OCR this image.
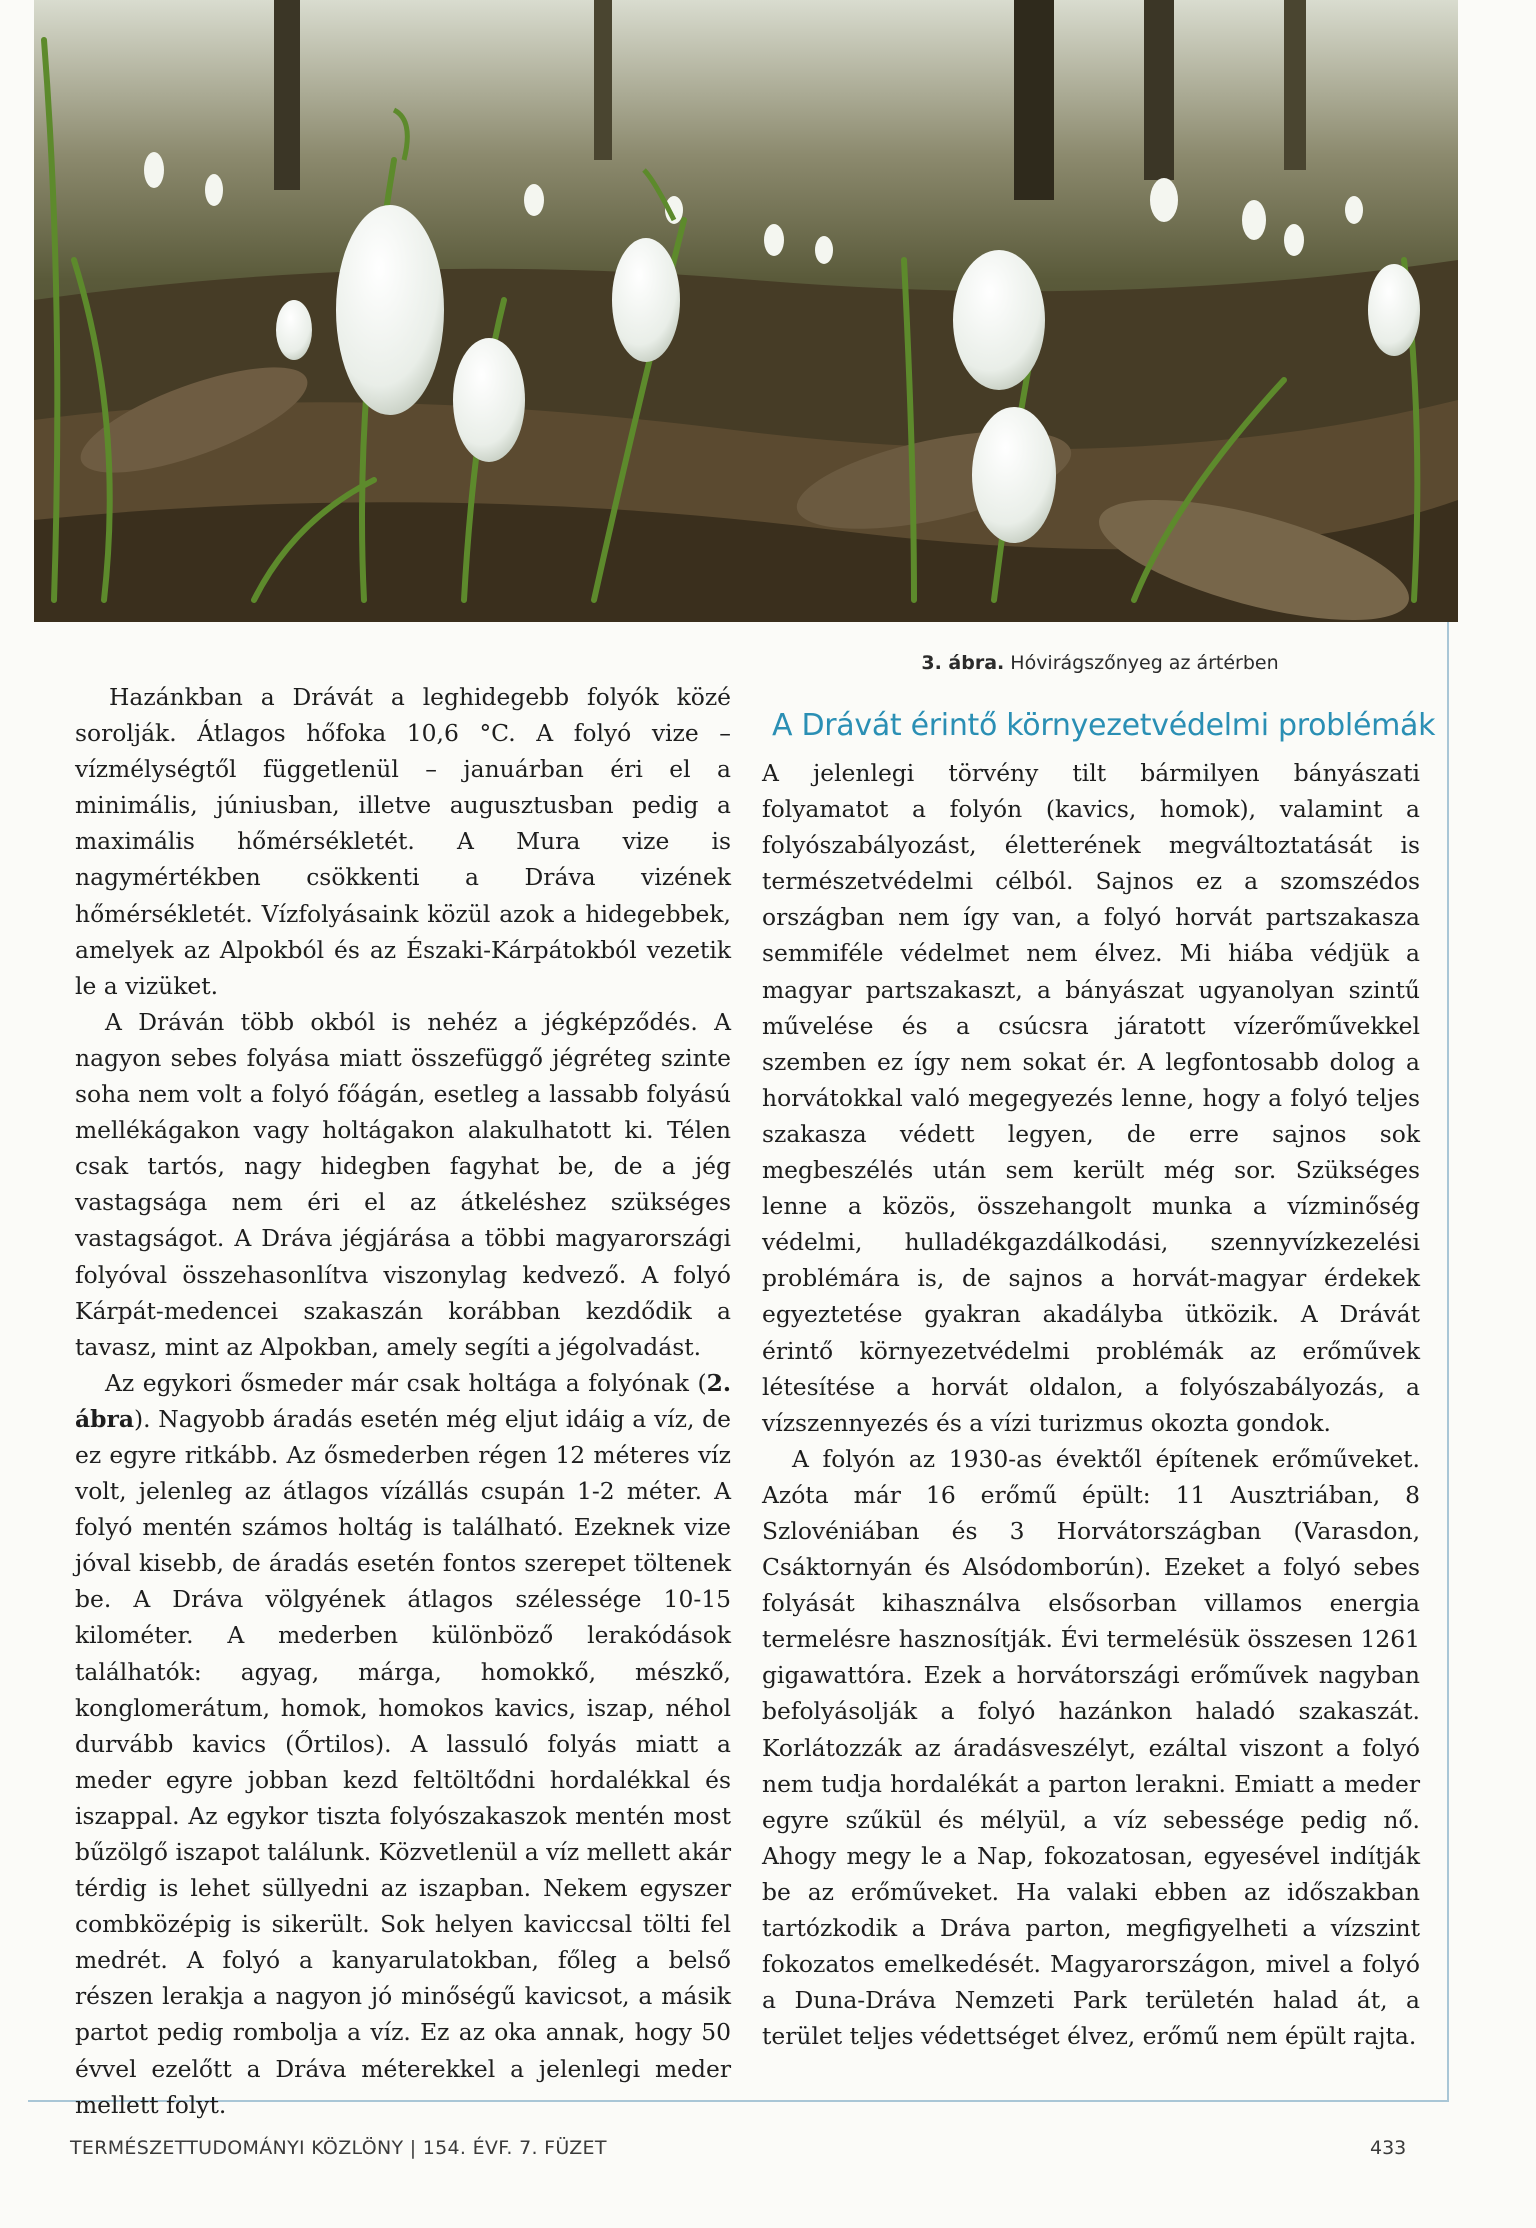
3. ábra. Hóvirágszőnyeg az ártérben

Hazánkban a Drávát a leghidegebb folyók közé sorolják. Átlagos hőfoka 10,6 °C. A folyó vize – vízmélységtől függetlenül – januárban éri el a minimális, júniusban, illetve augusztusban pedig a maximális hőmérsékletét. A Mura vize is nagymértékben csökkenti a Dráva vizének hőmérsékletét. Vízfolyásaink közül azok a hidegebbek, amelyek az Alpokból és az Északi-Kárpátokból vezetik le a vizüket.

A Dráván több okból is nehéz a jégképződés. A nagyon sebes folyása miatt összefüggő jégréteg szinte soha nem volt a folyó főágán, esetleg a lassabb folyású mellékágakon vagy holtágakon alakulhatott ki. Télen csak tartós, nagy hidegben fagyhat be, de a jég vastagsága nem éri el az átkeléshez szükséges vastagságot. A Dráva jégjárása a többi magyarországi folyóval összehasonlítva viszonylag kedvező. A folyó Kárpát-medencei szakaszán korábban kezdődik a tavasz, mint az Alpokban, amely segíti a jégolvadást.

Az egykori ősmeder már csak holtága a folyónak (2. ábra). Nagyobb áradás esetén még eljut idáig a víz, de ez egyre ritkább. Az ősmederben régen 12 méteres víz volt, jelenleg az átlagos vízállás csupán 1-2 méter. A folyó mentén számos holtág is található. Ezeknek vize jóval kisebb, de áradás esetén fontos szerepet töltenek be. A Dráva völgyének átlagos szélessége 10-15 kilométer. A mederben különböző lerakódások találhatók: agyag, márga, homokkő, mészkő, konglomerátum, homok, homokos kavics, iszap, néhol durvább kavics (Őrtilos). A lassuló folyás miatt a meder egyre jobban kezd feltöltődni hordalékkal és iszappal. Az egykor tiszta folyószakaszok mentén most bűzölgő iszapot találunk. Közvetlenül a víz mellett akár térdig is lehet süllyedni az iszapban. Nekem egyszer combközépig is sikerült. Sok helyen kaviccsal tölti fel medrét. A folyó a kanyarulatokban, főleg a belső részen lerakja a nagyon jó minőségű kavicsot, a másik partot pedig rombolja a víz. Ez az oka annak, hogy 50 évvel ezelőtt a Dráva méterekkel a jelenlegi meder mellett folyt.

A Drávát érintő környezetvédelmi problémák

A jelenlegi törvény tilt bármilyen bányászati folyamatot a folyón (kavics, homok), valamint a folyószabályozást, életterének megváltoztatását is természetvédelmi célból. Sajnos ez a szomszédos országban nem így van, a folyó horvát partszakasza semmiféle védelmet nem élvez. Mi hiába védjük a magyar partszakaszt, a bányászat ugyanolyan szintű művelése és a csúcsra járatott vízerőművekkel szemben ez így nem sokat ér. A legfontosabb dolog a horvátokkal való megegyezés lenne, hogy a folyó teljes szakasza védett legyen, de erre sajnos sok megbeszélés után sem került még sor. Szükséges lenne a közös, összehangolt munka a vízminőség védelmi, hulladékgazdálkodási, szennyvízkezelési problémára is, de sajnos a horvát-magyar érdekek egyeztetése gyakran akadályba ütközik. A Drávát érintő környezetvédelmi problémák az erőművek létesítése a horvát oldalon, a folyószabályozás, a vízszennyezés és a vízi turizmus okozta gondok.

A folyón az 1930-as évektől építenek erőműveket. Azóta már 16 erőmű épült: 11 Ausztriában, 8 Szlovéniában és 3 Horvátországban (Varasdon, Csáktornyán és Alsódomborún). Ezeket a folyó sebes folyását kihasználva elsősorban villamos energia termelésre hasznosítják. Évi termelésük összesen 1261 gigawattóra. Ezek a horvátországi erőművek nagyban befolyásolják a folyó hazánkon haladó szakaszát. Korlátozzák az áradásveszélyt, ezáltal viszont a folyó nem tudja hordalékát a parton lerakni. Emiatt a meder egyre szűkül és mélyül, a víz sebessége pedig nő. Ahogy megy le a Nap, fokozatosan, egyesével indítják be az erőműveket. Ha valaki ebben az időszakban tartózkodik a Dráva parton, megfigyelheti a vízszint fokozatos emelkedését. Magyarországon, mivel a folyó a Duna-Dráva Nemzeti Park területén halad át, a terület teljes védettséget élvez, erőmű nem épült rajta.

TERMÉSZETTUDOMÁNYI KÖZLÖNY | 154. ÉVF. 7. FÜZET	433
